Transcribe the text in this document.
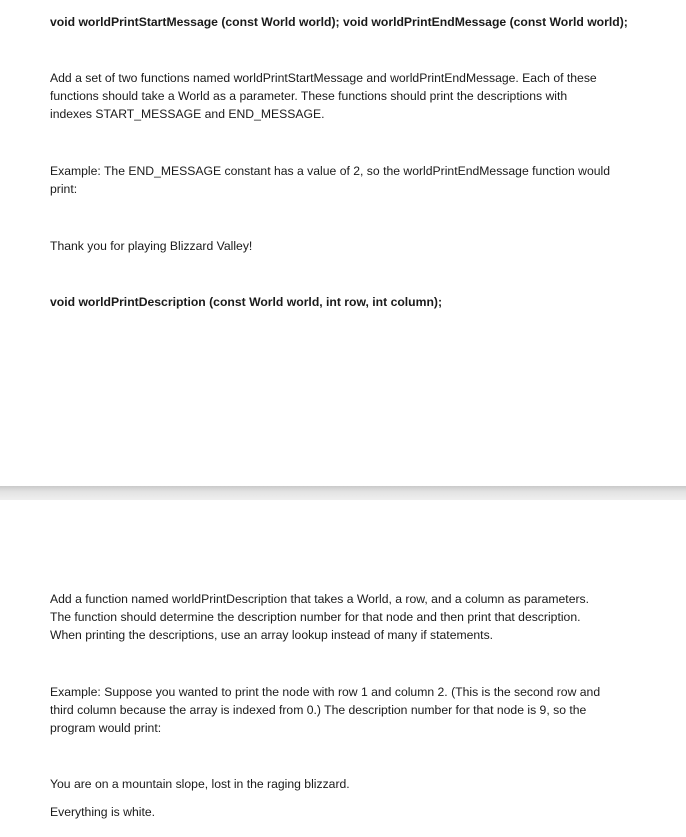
void worldPrintStartMessage (const World world); void worldPrintEndMessage (const World world);
Add a set of two functions named worldPrintStartMessage and worldPrintEndMessage. Each of these
functions should take a World as a parameter. These functions should print the descriptions with
indexes START_MESSAGE and END_MESSAGE.
Example: The END_MESSAGE constant has a value of 2, so the worldPrintEndMessage function would
print:
Thank you for playing Blizzard Valley!
void worldPrintDescription (const World world, int row, int column);
Add a function named worldPrintDescription that takes a World, a row, and a column as parameters.
The function should determine the description number for that node and then print that description.
When printing the descriptions, use an array lookup instead of many if statements.
Example: Suppose you wanted to print the node with row 1 and column 2. (This is the second row and
third column because the array is indexed from 0.) The description number for that node is 9, so the
program would print:
You are on a mountain slope, lost in the raging blizzard.
Everything is white.
